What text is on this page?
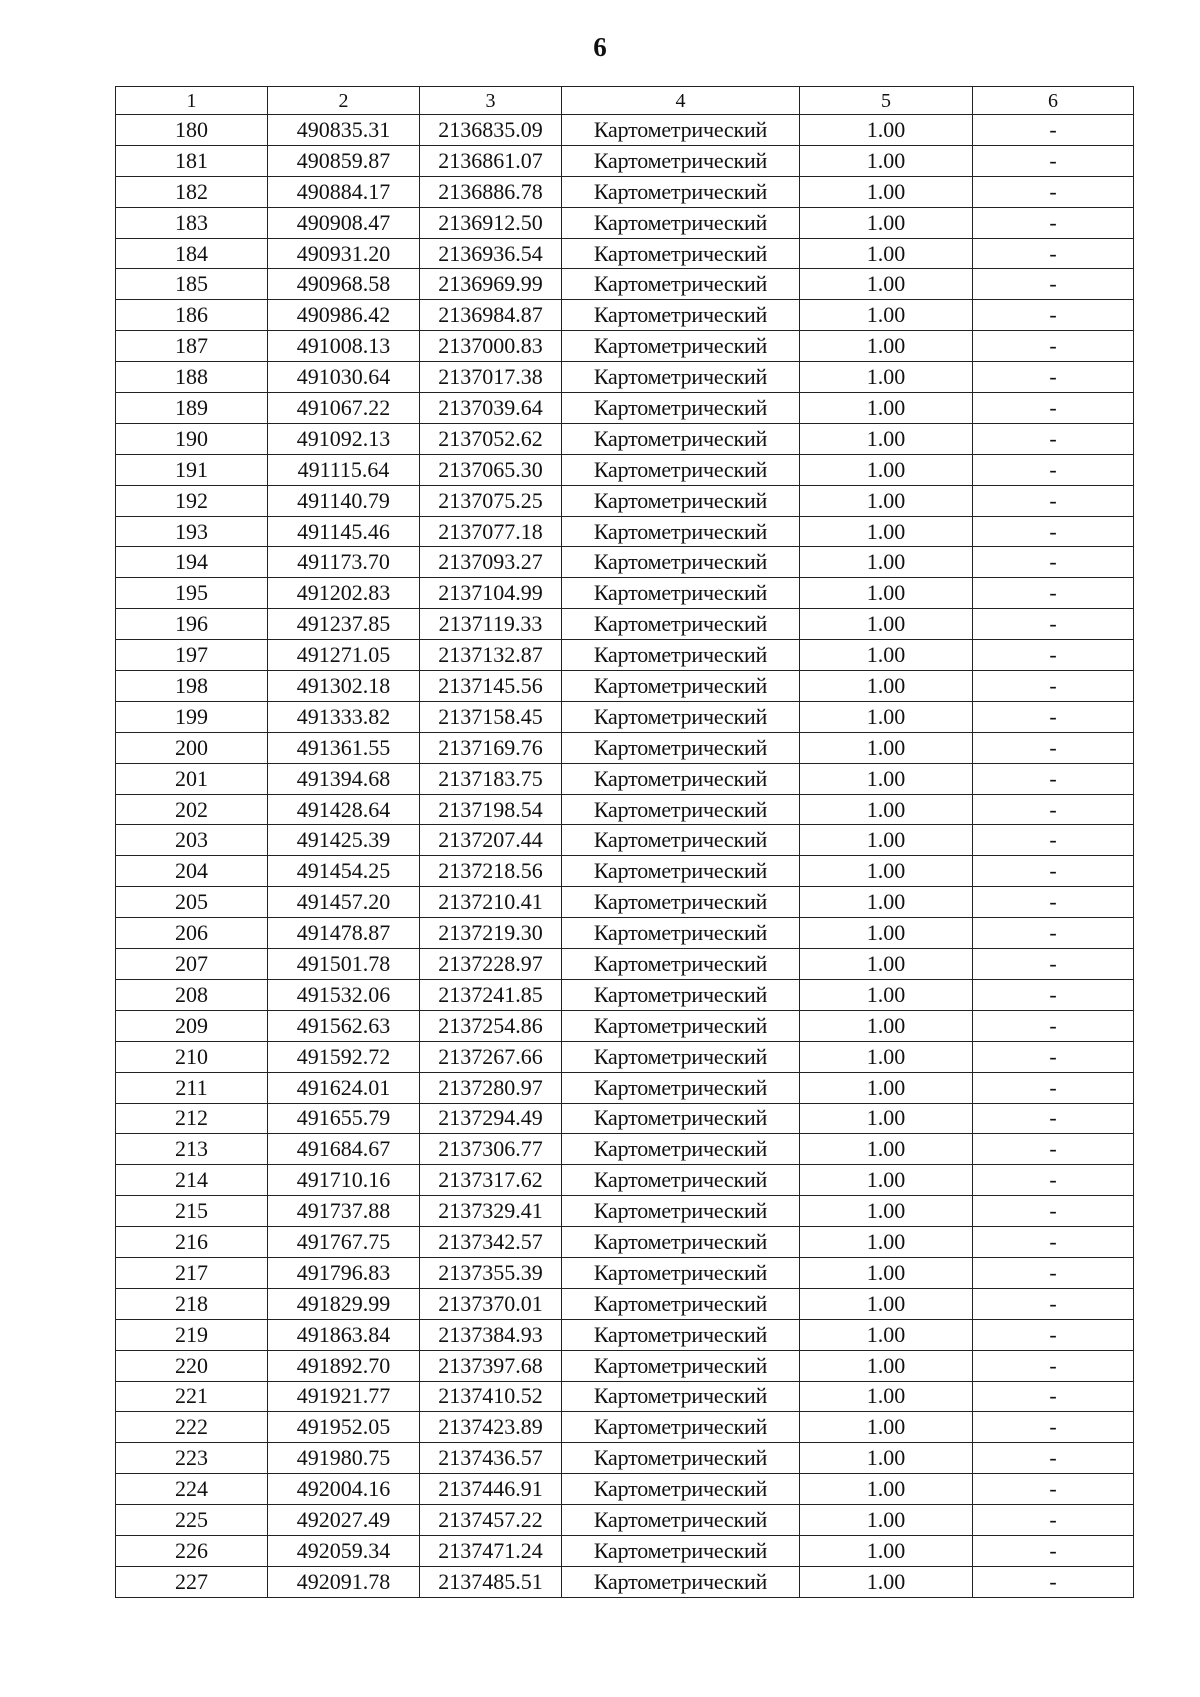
6
1	2	3	4	5	6
180	490835.31	2136835.09	Картометрический	1.00	-
181	490859.87	2136861.07	Картометрический	1.00	-
182	490884.17	2136886.78	Картометрический	1.00	-
183	490908.47	2136912.50	Картометрический	1.00	-
184	490931.20	2136936.54	Картометрический	1.00	-
185	490968.58	2136969.99	Картометрический	1.00	-
186	490986.42	2136984.87	Картометрический	1.00	-
187	491008.13	2137000.83	Картометрический	1.00	-
188	491030.64	2137017.38	Картометрический	1.00	-
189	491067.22	2137039.64	Картометрический	1.00	-
190	491092.13	2137052.62	Картометрический	1.00	-
191	491115.64	2137065.30	Картометрический	1.00	-
192	491140.79	2137075.25	Картометрический	1.00	-
193	491145.46	2137077.18	Картометрический	1.00	-
194	491173.70	2137093.27	Картометрический	1.00	-
195	491202.83	2137104.99	Картометрический	1.00	-
196	491237.85	2137119.33	Картометрический	1.00	-
197	491271.05	2137132.87	Картометрический	1.00	-
198	491302.18	2137145.56	Картометрический	1.00	-
199	491333.82	2137158.45	Картометрический	1.00	-
200	491361.55	2137169.76	Картометрический	1.00	-
201	491394.68	2137183.75	Картометрический	1.00	-
202	491428.64	2137198.54	Картометрический	1.00	-
203	491425.39	2137207.44	Картометрический	1.00	-
204	491454.25	2137218.56	Картометрический	1.00	-
205	491457.20	2137210.41	Картометрический	1.00	-
206	491478.87	2137219.30	Картометрический	1.00	-
207	491501.78	2137228.97	Картометрический	1.00	-
208	491532.06	2137241.85	Картометрический	1.00	-
209	491562.63	2137254.86	Картометрический	1.00	-
210	491592.72	2137267.66	Картометрический	1.00	-
211	491624.01	2137280.97	Картометрический	1.00	-
212	491655.79	2137294.49	Картометрический	1.00	-
213	491684.67	2137306.77	Картометрический	1.00	-
214	491710.16	2137317.62	Картометрический	1.00	-
215	491737.88	2137329.41	Картометрический	1.00	-
216	491767.75	2137342.57	Картометрический	1.00	-
217	491796.83	2137355.39	Картометрический	1.00	-
218	491829.99	2137370.01	Картометрический	1.00	-
219	491863.84	2137384.93	Картометрический	1.00	-
220	491892.70	2137397.68	Картометрический	1.00	-
221	491921.77	2137410.52	Картометрический	1.00	-
222	491952.05	2137423.89	Картометрический	1.00	-
223	491980.75	2137436.57	Картометрический	1.00	-
224	492004.16	2137446.91	Картометрический	1.00	-
225	492027.49	2137457.22	Картометрический	1.00	-
226	492059.34	2137471.24	Картометрический	1.00	-
227	492091.78	2137485.51	Картометрический	1.00	-
